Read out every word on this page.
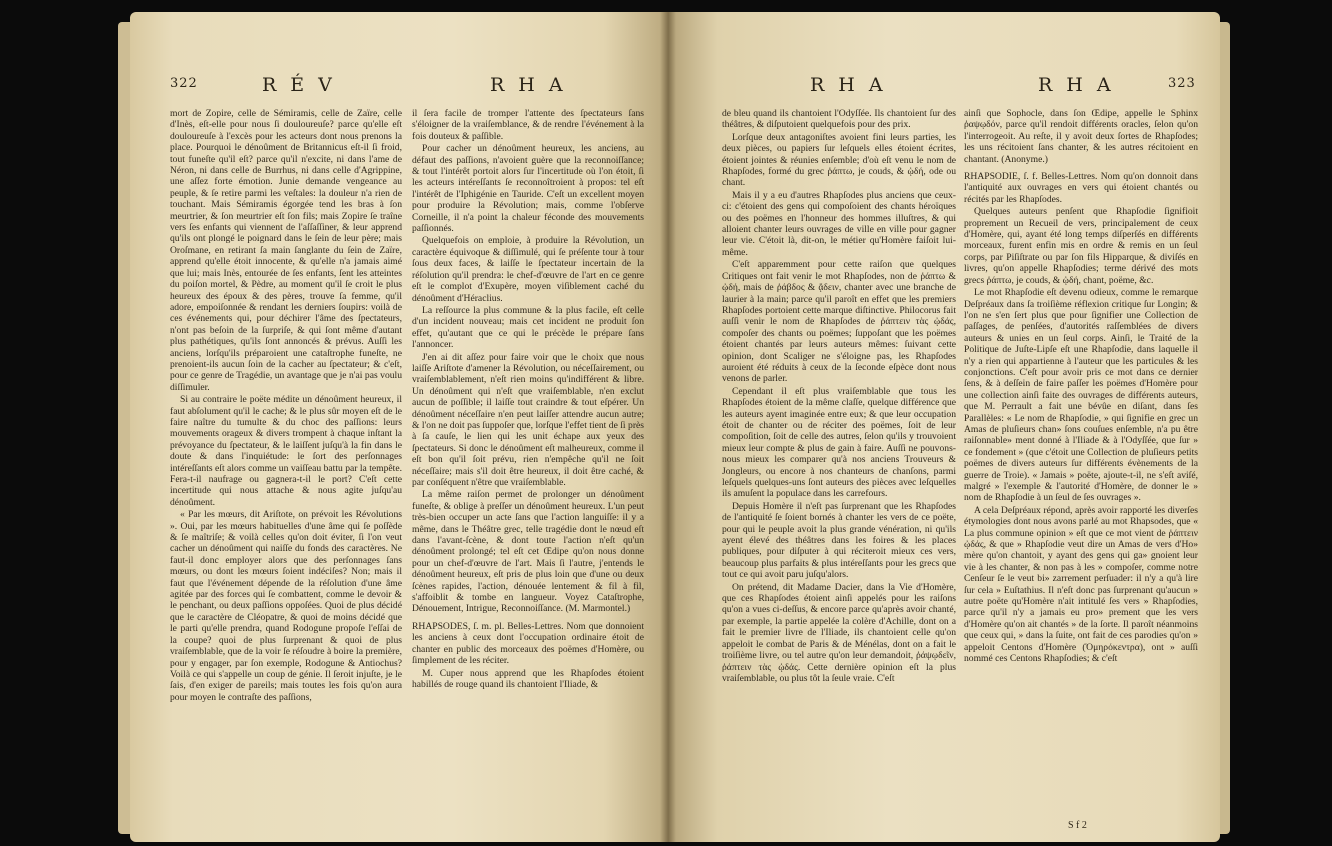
322	RÉV	RHA

mort de Zopire, celle de Sémiramis, celle de Zaïre, celle d'Inès, eſt-elle pour nous ſi douloureuſe? parce qu'elle eſt douloureuſe à l'excès pour les acteurs dont nous prenons la place. Pourquoi le dénoûment de Britannicus eſt-il ſi froid, tout funeſte qu'il eſt? parce qu'il n'excite, ni dans l'ame de Néron, ni dans celle de Burrhus, ni dans celle d'Agrippine, une aſſez forte émotion. Junie demande vengeance au peuple, & ſe retire parmi les veſtales: la douleur n'a rien de touchant. Mais Sémiramis égorgée tend les bras à ſon meurtrier, & ſon meurtrier eſt ſon fils; mais Zopire ſe traîne vers ſes enfants qui viennent de l'aſſaſſiner, & leur apprend qu'ils ont plongé le poignard dans le ſein de leur père; mais Oroſmane, en retirant ſa main ſanglante du ſein de Zaïre, apprend qu'elle étoit innocente, & qu'elle n'a jamais aimé que lui; mais Inès, entourée de ſes enfants, ſent les atteintes du poiſon mortel, & Pèdre, au moment qu'il ſe croit le plus heureux des époux & des pères, trouve ſa femme, qu'il adore, empoiſonnée & rendant les derniers ſoupirs: voilà de ces événements qui, pour déchirer l'âme des ſpectateurs, n'ont pas beſoin de la ſurpriſe, & qui ſont même d'autant plus pathétiques, qu'ils ſont annoncés & prévus. Auſſi les anciens, lorſqu'ils préparoient une cataſtrophe funeſte, ne prenoient-ils aucun ſoin de la cacher au ſpectateur; & c'eſt, pour ce genre de Tragédie, un avantage que je n'ai pas voulu diſſimuler.

Si au contraire le poëte médite un dénoûment heureux, il faut abſolument qu'il le cache; & le plus sûr moyen eſt de le faire naître du tumulte & du choc des paſſions: leurs mouvements orageux & divers trompent à chaque inſtant la prévoyance du ſpectateur, & le laiſſent juſqu'à la fin dans le doute & dans l'inquiétude: le ſort des perſonnages intéreſſants eſt alors comme un vaiſſeau battu par la tempête. Fera-t-il naufrage ou gagnera-t-il le port? C'eſt cette incertitude qui nous attache & nous agite juſqu'au dénoûment.

« Par les mœurs, dit Ariſtote, on prévoit les Révolutions ». Oui, par les mœurs habituelles d'une âme qui ſe poſſède & ſe maîtriſe; & voilà celles qu'on doit éviter, ſi l'on veut cacher un dénoûment qui naiſſe du fonds des caractères. Ne faut-il donc employer alors que des perſonnages ſans mœurs, ou dont les mœurs ſoient indéciſes? Non; mais il faut que l'événement dépende de la réſolution d'une âme agitée par des forces qui ſe combattent, comme le devoir & le penchant, ou deux paſſions oppoſées. Quoi de plus décidé que le caractère de Cléopatre, & quoi de moins décidé que le parti qu'elle prendra, quand Rodogune propoſe l'eſſai de la coupe? quoi de plus ſurprenant & quoi de plus vraiſemblable, que de la voir ſe réſoudre à boire la première, pour y engager, par ſon exemple, Rodogune & Antiochus? Voilà ce qui s'appelle un coup de génie. Il ſeroit injuſte, je le ſais, d'en exiger de pareils; mais toutes les fois qu'on aura pour moyen le contraſte des paſſions,

il ſera facile de tromper l'attente des ſpectateurs ſans s'éloigner de la vraiſemblance, & de rendre l'événement à la fois douteux & paſſible.

Pour cacher un dénoûment heureux, les anciens, au défaut des paſſions, n'avoient guère que la reconnoiſſance; & tout l'intérêt portoit alors ſur l'incertitude où l'on étoit, ſi les acteurs intéreſſants ſe reconnoîtroient à propos: tel eſt l'intérêt de l'Iphigénie en Tauride. C'eſt un excellent moyen pour produire la Révolution; mais, comme l'obſerve Corneille, il n'a point la chaleur féconde des mouvements paſſionnés.

Quelquefois on emploie, à produire la Révolution, un caractère équivoque & diſſimulé, qui ſe préſente tour à tour ſous deux faces, & laiſſe le ſpectateur incertain de la réſolution qu'il prendra: le chef-d'œuvre de l'art en ce genre eſt le complot d'Exupère, moyen viſiblement caché du dénoûment d'Héraclius.

La reſſource la plus commune & la plus facile, eſt celle d'un incident nouveau; mais cet incident ne produit ſon effet, qu'autant que ce qui le précède le prépare ſans l'annoncer.

J'en ai dit aſſez pour faire voir que le choix que nous laiſſe Ariſtote d'amener la Révolution, ou néceſſairement, ou vraiſemblablement, n'eſt rien moins qu'indifférent & libre. Un dénoûment qui n'eſt que vraiſemblable, n'en exclut aucun de poſſible; il laiſſe tout craindre & tout eſpérer. Un dénoûment néceſſaire n'en peut laiſſer attendre aucun autre; & l'on ne doit pas ſuppoſer que, lorſque l'effet tient de ſi près à ſa cauſe, le lien qui les unit échape aux yeux des ſpectateurs. Si donc le dénoûment eſt malheureux, comme il eſt bon qu'il ſoit prévu, rien n'empêche qu'il ne ſoit néceſſaire; mais s'il doit être heureux, il doit être caché, & par conſéquent n'être que vraiſemblable.

La même raiſon permet de prolonger un dénoûment funeſte, & oblige à preſſer un dénoûment heureux. L'un peut très-bien occuper un acte ſans que l'action languiſſe: il y a même, dans le Théâtre grec, telle tragédie dont le nœud eſt dans l'avant-ſcène, & dont toute l'action n'eſt qu'un dénoûment prolongé; tel eſt cet Œdipe qu'on nous donne pour un chef-d'œuvre de l'art. Mais ſi l'autre, j'entends le dénoûment heureux, eſt pris de plus loin que d'une ou deux ſcènes rapides, l'action, dénouée lentement & fil à fil, s'affoiblit & tombe en langueur. Voyez Cataſtrophe, Dénouement, Intrigue, Reconnoiſſance. (M. Marmontel.)

RHAPSODES, ſ. m. pl. Belles-Lettres. Nom que donnoient les anciens à ceux dont l'occupation ordinaire étoit de chanter en public des morceaux des poëmes d'Homère, ou ſimplement de les réciter.

M. Cuper nous apprend que les Rhapſodes étoient habillés de rouge quand ils chantoient l'Iliade, &

RHA	RHA	323

de bleu quand ils chantoient l'Odyſſée. Ils chantoient ſur des théâtres, & diſputoient quelquefois pour des prix.

Lorſque deux antagoniſtes avoient fini leurs parties, les deux pièces, ou papiers ſur leſquels elles étoient écrites, étoient jointes & réunies enſemble; d'où eſt venu le nom de Rhapſodes, formé du grec ῥάπτω, je couds, & ᾠδή, ode ou chant.

Mais il y a eu d'autres Rhapſodes plus anciens que ceux-ci: c'étoient des gens qui compoſoient des chants héroïques ou des poëmes en l'honneur des hommes illuſtres, & qui alloient chanter leurs ouvrages de ville en ville pour gagner leur vie. C'étoit là, dit-on, le métier qu'Homère faiſoit lui-même.

C'eſt apparemment pour cette raiſon que quelques Critiques ont fait venir le mot Rhapſodes, non de ῥάπτω & ᾠδή, mais de ῥάβδος & ᾄδειν, chanter avec une branche de laurier à la main; parce qu'il paroît en effet que les premiers Rhapſodes portoient cette marque diſtinctive. Philocorus fait auſſi venir le nom de Rhapſodes de ῥάπτειν τὰς ᾠδάς, compoſer des chants ou poëmes; ſuppoſant que les poëmes étoient chantés par leurs auteurs mêmes: ſuivant cette opinion, dont Scaliger ne s'éloigne pas, les Rhapſodes auroient été réduits à ceux de la ſeconde eſpèce dont nous venons de parler.

Cependant il eſt plus vraiſemblable que tous les Rhapſodes étoient de la même claſſe, quelque différence que les auteurs ayent imaginée entre eux; & que leur occupation étoit de chanter ou de réciter des poëmes, ſoit de leur compoſition, ſoit de celle des autres, ſelon qu'ils y trouvoient mieux leur compte & plus de gain à faire. Auſſi ne pouvons-nous mieux les comparer qu'à nos anciens Trouveurs & Jongleurs, ou encore à nos chanteurs de chanſons, parmi leſquels quelques-uns ſont auteurs des pièces avec leſquelles ils amuſent la populace dans les carrefours.

Depuis Homère il n'eſt pas ſurprenant que les Rhapſodes de l'antiquité ſe ſoient bornés à chanter les vers de ce poëte, pour qui le peuple avoit la plus grande vénération, ni qu'ils ayent élevé des théâtres dans les foires & les places publiques, pour diſputer à qui réciteroit mieux ces vers, beaucoup plus parfaits & plus intéreſſants pour les grecs que tout ce qui avoit paru juſqu'alors.

On prétend, dit Madame Dacier, dans la Vie d'Homère, que ces Rhapſodes étoient ainſi appelés pour les raiſons qu'on a vues ci-deſſus, & encore parce qu'après avoir chanté, par exemple, la partie appelée la colère d'Achille, dont on a fait le premier livre de l'Iliade, ils chantoient celle qu'on appeloit le combat de Paris & de Ménélas, dont on a fait le troiſième livre, ou tel autre qu'on leur demandoit, ῥάψῳδεῖν, ῥάπτειν τὰς ᾠδάς. Cette dernière opinion eſt la plus vraiſemblable, ou plus tôt la ſeule vraie. C'eſt

ainſi que Sophocle, dans ſon Œdipe, appelle le Sphinx ῥαψῳδόν, parce qu'il rendoit différents oracles, ſelon qu'on l'interrogeoit. Au reſte, il y avoit deux ſortes de Rhapſodes; les uns récitoient ſans chanter, & les autres récitoient en chantant. (Anonyme.)

RHAPSODIE, ſ. f. Belles-Lettres. Nom qu'on donnoit dans l'antiquité aux ouvrages en vers qui étoient chantés ou récités par les Rhapſodes.

Quelques auteurs penſent que Rhapſodie ſignifioit proprement un Recueil de vers, principalement de ceux d'Homère, qui, ayant été long temps diſperſés en différents morceaux, furent enfin mis en ordre & remis en un ſeul corps, par Piſiſtrate ou par ſon fils Hipparque, & diviſés en livres, qu'on appelle Rhapſodies; terme dérivé des mots grecs ῥάπτω, je couds, & ᾠδή, chant, poëme, &c.

Le mot Rhapſodie eſt devenu odieux, comme le remarque Deſpréaux dans ſa troiſième réflexion critique ſur Longin; & l'on ne s'en ſert plus que pour ſignifier une Collection de paſſages, de penſées, d'autorités raſſemblées de divers auteurs & unies en un ſeul corps. Ainſi, le Traité de la Politique de Juſte-Lipſe eſt une Rhapſodie, dans laquelle il n'y a rien qui appartienne à l'auteur que les particules & les conjonctions. C'eſt pour avoir pris ce mot dans ce dernier ſens, & à deſſein de faire paſſer les poëmes d'Homère pour une collection ainſi faite des ouvrages de différents auteurs, que M. Perrault a fait une bévûe en diſant, dans ſes Parallèles: « Le nom de Rhapſodie, » qui ſignifie en grec un Amas de pluſieurs chan» ſons couſues enſemble, n'a pu être raiſonnable» ment donné à l'Iliade & à l'Odyſſée, que ſur » ce fondement » (que c'étoit une Collection de pluſieurs petits poëmes de divers auteurs ſur différents évènements de la guerre de Troie). « Jamais » poëte, ajoute-t-il, ne s'eſt aviſé, malgré » l'exemple & l'autorité d'Homère, de donner le » nom de Rhapſodie à un ſeul de ſes ouvrages ».

A cela Deſpréaux répond, après avoir rapporté les diverſes étymologies dont nous avons parlé au mot Rhapsodes, que « La plus commune opinion » eſt que ce mot vient de ῥάπτειν ᾠδάς, & que » Rhapſodie veut dire un Amas de vers d'Ho» mère qu'on chantoit, y ayant des gens qui ga» gnoient leur vie à les chanter, & non pas à les » compoſer, comme notre Cenſeur ſe le veut bi» zarrement perſuader: il n'y a qu'à lire ſur cela » Euſtathius. Il n'eſt donc pas ſurprenant qu'aucun » autre poëte qu'Homère n'ait intitulé ſes vers » Rhapſodies, parce qu'il n'y a jamais eu pro» prement que les vers d'Homère qu'on ait chantés » de la ſorte. Il paroît néanmoins que ceux qui, » dans la ſuite, ont fait de ces parodies qu'on » appeloit Centons d'Homère (Ὁμηρόκεντρα), ont » auſſi nommé ces Centons Rhapſodies; & c'eſt

S f 2
